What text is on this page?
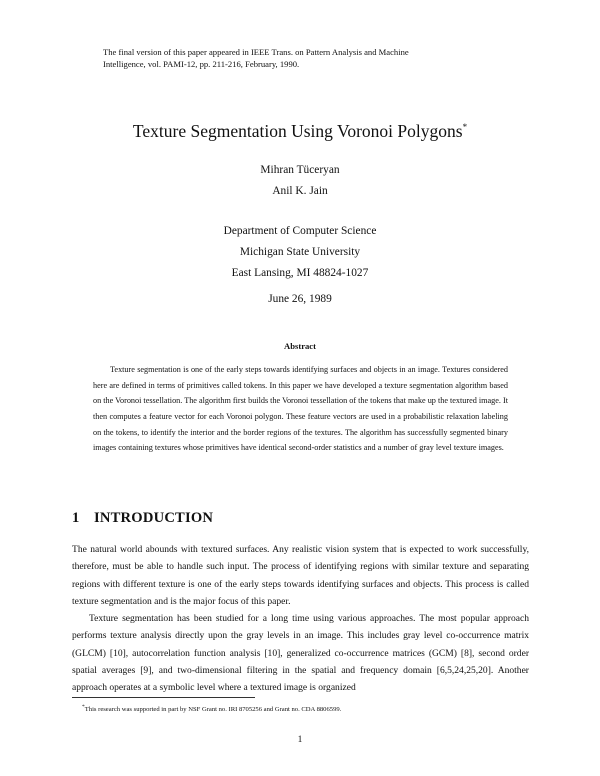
The final version of this paper appeared in IEEE Trans. on Pattern Analysis and Machine
Intelligence, vol. PAMI-12, pp. 211-216, February, 1990.
Texture Segmentation Using Voronoi Polygons*
Mihran Tüceryan
Anil K. Jain
Department of Computer Science
Michigan State University
East Lansing, MI 48824-1027
June 26, 1989
Abstract

Texture segmentation is one of the early steps towards identifying surfaces and objects in an image. Textures considered here are defined in terms of primitives called tokens. In this paper we have developed a texture segmentation algorithm based on the Voronoi tessellation. The algorithm first builds the Voronoi tessellation of the tokens that make up the textured image. It then computes a feature vector for each Voronoi polygon. These feature vectors are used in a probabilistic relaxation labeling on the tokens, to identify the interior and the border regions of the textures. The algorithm has successfully segmented binary images containing textures whose primitives have identical second-order statistics and a number of gray level texture images.

1 INTRODUCTION

The natural world abounds with textured surfaces. Any realistic vision system that is expected to work successfully, therefore, must be able to handle such input. The process of identifying regions with similar texture and separating regions with different texture is one of the early steps towards identifying surfaces and objects. This process is called texture segmentation and is the major focus of this paper.

Texture segmentation has been studied for a long time using various approaches. The most popular approach performs texture analysis directly upon the gray levels in an image. This includes gray level co-occurrence matrix (GLCM) [10], autocorrelation function analysis [10], generalized co-occurrence matrices (GCM) [8], second order spatial averages [9], and two-dimensional filtering in the spatial and frequency domain [6,5,24,25,20]. Another approach operates at a symbolic level where a textured image is organized

*This research was supported in part by NSF Grant no. IRI 8705256 and Grant no. CDA 8806599.

1
